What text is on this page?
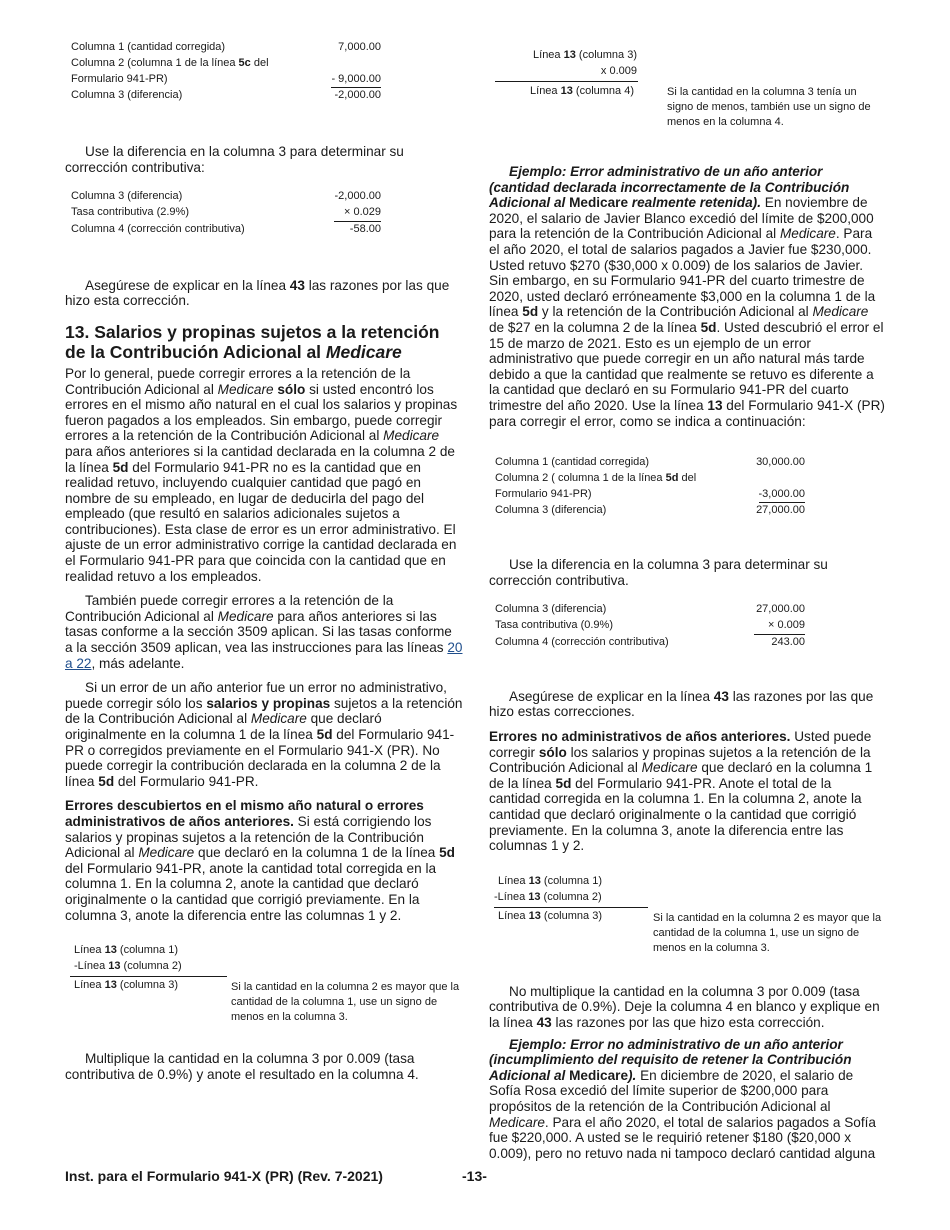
Columna 1 (cantidad corregida)	7,000.00
Columna 2 (columna 1 de la línea 5c del	
Formulario 941-PR)	- 9,000.00
Columna 3 (diferencia)	-2,000.00

Use la diferencia en la columna 3 para determinar su corrección contributiva:

Columna 3 (diferencia)	-2,000.00
Tasa contributiva (2.9%)	× 0.029
Columna 4 (corrección contributiva)	-58.00

Asegúrese de explicar en la línea 43 las razones por las que hizo esta corrección.

13. Salarios y propinas sujetos a la retención de la Contribución Adicional al Medicare

Por lo general, puede corregir errores a la retención de la Contribución Adicional al Medicare sólo si usted encontró los errores en el mismo año natural en el cual los salarios y propinas fueron pagados a los empleados. Sin embargo, puede corregir errores a la retención de la Contribución Adicional al Medicare para años anteriores si la cantidad declarada en la columna 2 de la línea 5d del Formulario 941-PR no es la cantidad que en realidad retuvo, incluyendo cualquier cantidad que pagó en nombre de su empleado, en lugar de deducirla del pago del empleado (que resultó en salarios adicionales sujetos a contribuciones). Esta clase de error es un error administrativo. El ajuste de un error administrativo corrige la cantidad declarada en el Formulario 941-PR para que coincida con la cantidad que en realidad retuvo a los empleados.

También puede corregir errores a la retención de la Contribución Adicional al Medicare para años anteriores si las tasas conforme a la sección 3509 aplican. Si las tasas conforme a la sección 3509 aplican, vea las instrucciones para las líneas 20 a 22, más adelante.

Si un error de un año anterior fue un error no administrativo, puede corregir sólo los salarios y propinas sujetos a la retención de la Contribución Adicional al Medicare que declaró originalmente en la columna 1 de la línea 5d del Formulario 941-PR o corregidos previamente en el Formulario 941-X (PR). No puede corregir la contribución declarada en la columna 2 de la línea 5d del Formulario 941-PR.

Errores descubiertos en el mismo año natural o errores administrativos de años anteriores. Si está corrigiendo los salarios y propinas sujetos a la retención de la Contribución Adicional al Medicare que declaró en la columna 1 de la línea 5d del Formulario 941-PR, anote la cantidad total corregida en la columna 1. En la columna 2, anote la cantidad que declaró originalmente o la cantidad que corrigió previamente. En la columna 3, anote la diferencia entre las columnas 1 y 2.

Línea 13 (columna 1)
-Línea 13 (columna 2)
Línea 13 (columna 3)	Si la cantidad en la columna 2 es mayor que la cantidad de la columna 1, use un signo de menos en la columna 3.

Multiplique la cantidad en la columna 3 por 0.009 (tasa contributiva de 0.9%) y anote el resultado en la columna 4.

Línea 13 (columna 3)
x 0.009
Línea 13 (columna 4)	Si la cantidad en la columna 3 tenía un signo de menos, también use un signo de menos en la columna 4.

Ejemplo: Error administrativo de un año anterior (cantidad declarada incorrectamente de la Contribución Adicional al Medicare realmente retenida). En noviembre de 2020, el salario de Javier Blanco excedió del límite de $200,000 para la retención de la Contribución Adicional al Medicare. Para el año 2020, el total de salarios pagados a Javier fue $230,000. Usted retuvo $270 ($30,000 x 0.009) de los salarios de Javier. Sin embargo, en su Formulario 941-PR del cuarto trimestre de 2020, usted declaró erróneamente $3,000 en la columna 1 de la línea 5d y la retención de la Contribución Adicional al Medicare de $27 en la columna 2 de la línea 5d. Usted descubrió el error el 15 de marzo de 2021. Esto es un ejemplo de un error administrativo que puede corregir en un año natural más tarde debido a que la cantidad que realmente se retuvo es diferente a la cantidad que declaró en su Formulario 941-PR del cuarto trimestre del año 2020. Use la línea 13 del Formulario 941-X (PR) para corregir el error, como se indica a continuación:

Columna 1 (cantidad corregida)	30,000.00
Columna 2 ( columna 1 de la línea 5d del	
Formulario 941-PR)	-3,000.00
Columna 3 (diferencia)	27,000.00

Use la diferencia en la columna 3 para determinar su corrección contributiva.

Columna 3 (diferencia)	27,000.00
Tasa contributiva (0.9%)	× 0.009
Columna 4 (corrección contributiva)	243.00

Asegúrese de explicar en la línea 43 las razones por las que hizo estas correcciones.

Errores no administrativos de años anteriores. Usted puede corregir sólo los salarios y propinas sujetos a la retención de la Contribución Adicional al Medicare que declaró en la columna 1 de la línea 5d del Formulario 941-PR. Anote el total de la cantidad corregida en la columna 1. En la columna 2, anote la cantidad que declaró originalmente o la cantidad que corrigió previamente. En la columna 3, anote la diferencia entre las columnas 1 y 2.

Línea 13 (columna 1)
-Línea 13 (columna 2)
Línea 13 (columna 3)	Si la cantidad en la columna 2 es mayor que la cantidad de la columna 1, use un signo de menos en la columna 3.

No multiplique la cantidad en la columna 3 por 0.009 (tasa contributiva de 0.9%). Deje la columna 4 en blanco y explique en la línea 43 las razones por las que hizo esta corrección.

Ejemplo: Error no administrativo de un año anterior (incumplimiento del requisito de retener la Contribución Adicional al Medicare). En diciembre de 2020, el salario de Sofía Rosa excedió del límite superior de $200,000 para propósitos de la retención de la Contribución Adicional al Medicare. Para el año 2020, el total de salarios pagados a Sofía fue $220,000. A usted se le requirió retener $180 ($20,000 x 0.009), pero no retuvo nada ni tampoco declaró cantidad alguna

Inst. para el Formulario 941-X (PR) (Rev. 7-2021)	-13-
